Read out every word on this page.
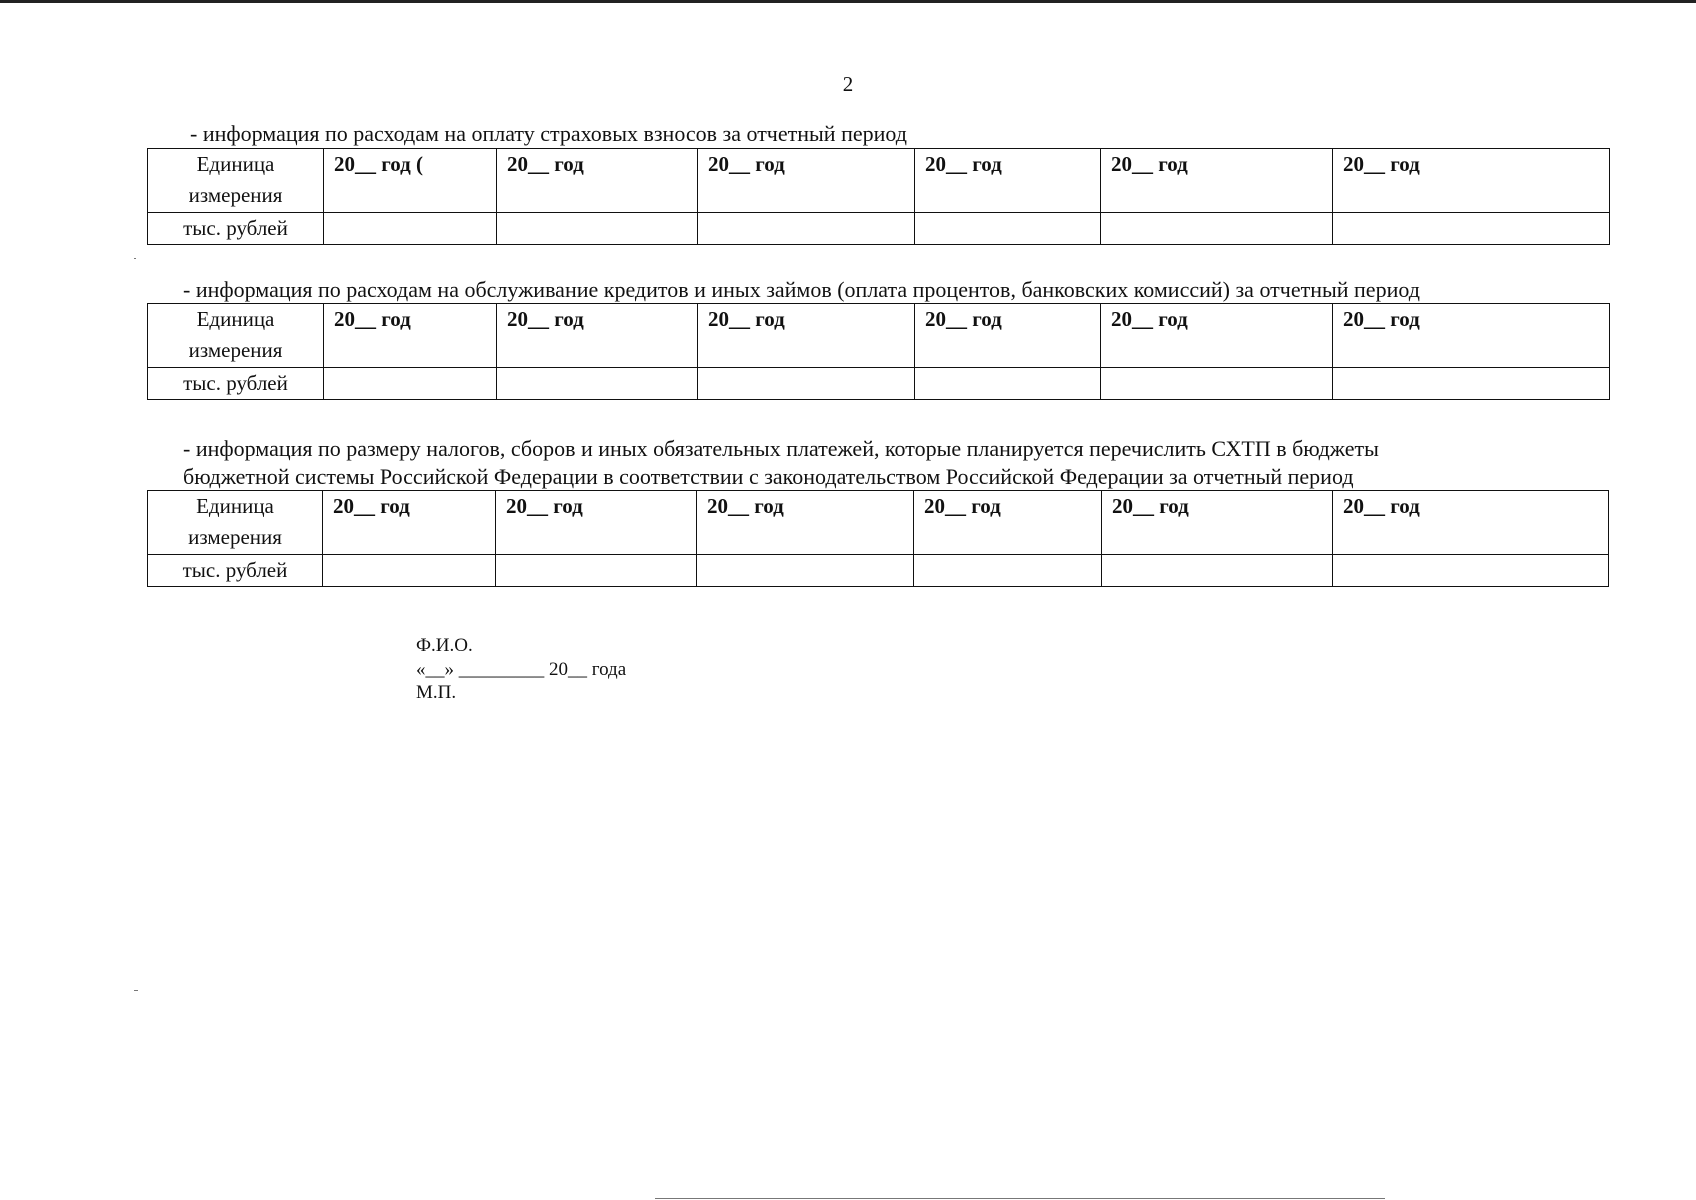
2
- информация по расходам на оплату страховых взносов за отчетный период
Единица измерения	20__ год (	20__ год	20__ год	20__ год	20__ год	20__ год
тыс. рублей						
- информация по расходам на обслуживание кредитов и иных займов (оплата процентов, банковских комиссий) за отчетный период
Единица измерения	20__ год	20__ год	20__ год	20__ год	20__ год	20__ год
тыс. рублей						
- информация по размеру налогов, сборов и иных обязательных платежей, которые планируется перечислить СХТП в бюджеты
бюджетной системы Российской Федерации в соответствии с законодательством Российской Федерации за отчетный период
Единица измерения	20__ год	20__ год	20__ год	20__ год	20__ год	20__ год
тыс. рублей						
Ф.И.О.
«__» _________ 20__ года
М.П.
